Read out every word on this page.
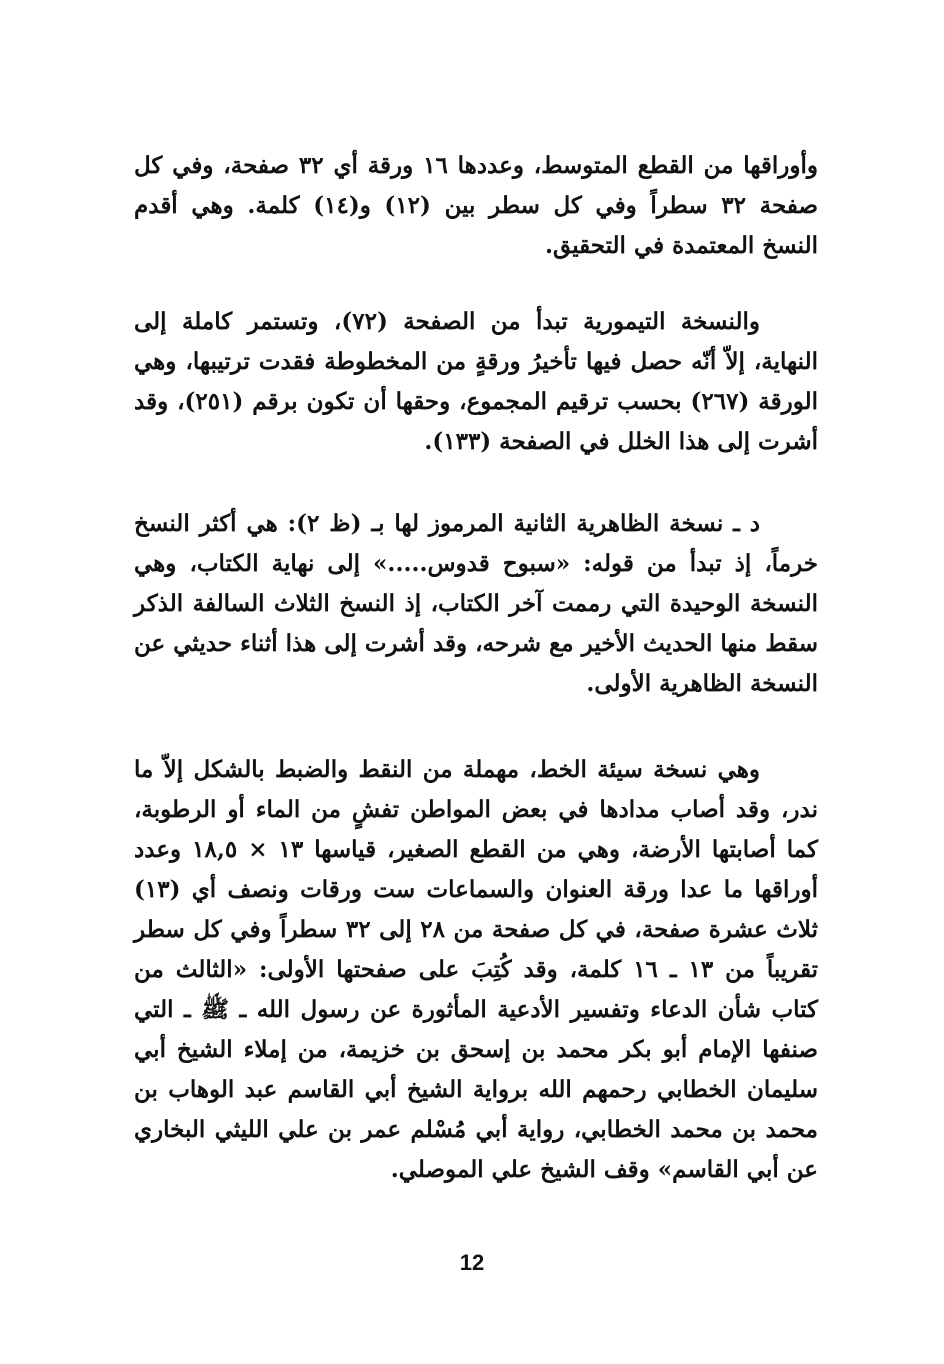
وأوراقها من القطع المتوسط، وعددها ١٦ ورقة أي ٣٢ صفحة، وفي كل صفحة ٣٢ سطراً وفي كل سطر بين (١٢) و(١٤) كلمة. وهي أقدم النسخ المعتمدة في التحقيق.

والنسخة التيمورية تبدأ من الصفحة (٧٢)، وتستمر كاملة إلى النهاية، إلاّ أنّه حصل فيها تأخيرُ ورقةٍ من المخطوطة فقدت ترتيبها، وهي الورقة (٢٦٧) بحسب ترقيم المجموع، وحقها أن تكون برقم (٢٥١)، وقد أشرت إلى هذا الخلل في الصفحة (١٣٣).

د ـ نسخة الظاهرية الثانية المرموز لها بـ (ظ ٢): هي أكثر النسخ خرماً، إذ تبدأ من قوله: «سبوح قدوس.....» إلى نهاية الكتاب، وهي النسخة الوحيدة التي رممت آخر الكتاب، إذ النسخ الثلاث السالفة الذكر سقط منها الحديث الأخير مع شرحه، وقد أشرت إلى هذا أثناء حديثي عن النسخة الظاهرية الأولى.

وهي نسخة سيئة الخط، مهملة من النقط والضبط بالشكل إلاّ ما ندر، وقد أصاب مدادها في بعض المواطن تفشٍ من الماء أو الرطوبة، كما أصابتها الأرضة، وهي من القطع الصغير، قياسها ١٣ × ١٨,٥ وعدد أوراقها ما عدا ورقة العنوان والسماعات ست ورقات ونصف أي (١٣) ثلاث عشرة صفحة، في كل صفحة من ٢٨ إلى ٣٢ سطراً وفي كل سطر تقريباً من ١٣ ـ ١٦ كلمة، وقد كُتِبَ على صفحتها الأولى: «الثالث من كتاب شأن الدعاء وتفسير الأدعية المأثورة عن رسول الله ـ ﷺ ـ التي صنفها الإمام أبو بكر محمد بن إسحق بن خزيمة، من إملاء الشيخ أبي سليمان الخطابي رحمهم الله برواية الشيخ أبي القاسم عبد الوهاب بن محمد بن محمد الخطابي، رواية أبي مُسْلم عمر بن علي الليثي البخاري عن أبي القاسم» وقف الشيخ علي الموصلي.

12
